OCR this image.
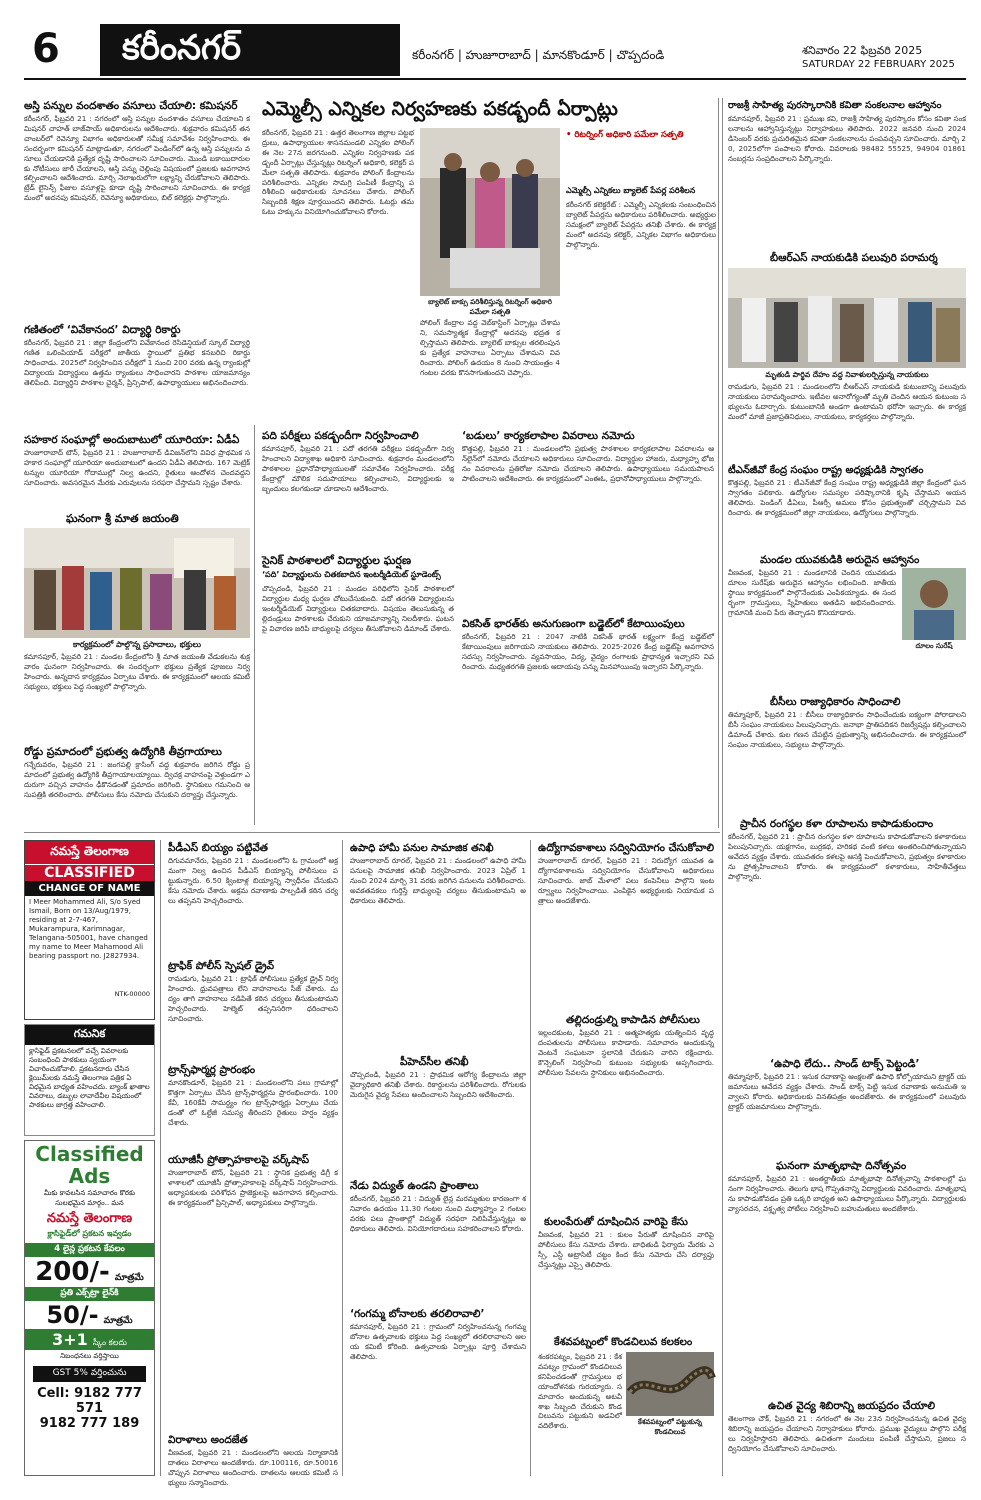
6	కరీంనగర్	కరీంనగర్ | హుజూరాబాద్ | మానకొండూర్ | చొప్పదండి	శనివారం 22 ఫిబ్రవరి 2025
SATURDAY 22 FEBRUARY 2025
అస్తి పన్నుల వందశాతం వసూలు చేయాలి: కమిషనర్
కరీంనగర్, ఫిబ్రవరి 21 : నగరంలో ఆస్తి పన్నుల వందశాతం వసూలు చేయాలని కమిషనర్ చాహత్ బాజ్‌పాయ్ అధికారులను ఆదేశించారు. శుక్రవారం కమిషనర్ తన చాంబర్‌లో రెవెన్యూ విభాగం అధికారులతో సమీక్ష సమావేశం నిర్వహించారు. ఈ సందర్భంగా కమిషనర్ మాట్లాడుతూ, నగరంలో పెండింగ్‌లో ఉన్న ఆస్తి పన్నులను వసూలు చేయడానికి ప్రత్యేక దృష్టి సారించాలని సూచించారు. మొండి బకాయిదారులకు నోటీసులు జారీ చేయాలని, ఆస్తి పన్ను చెల్లింపు విషయంలో ప్రజలకు అవగాహన కల్పించాలని ఆదేశించారు. మార్చి నెలాఖరులోగా లక్ష్యాన్ని చేరుకోవాలని తెలిపారు. ట్రేడ్ లైసెన్స్ ఫీజుల వసూళ్లపై కూడా దృష్టి సారించాలని సూచించారు. ఈ కార్యక్రమంలో అదనపు కమిషనర్, రెవెన్యూ అధికారులు, బిల్ కలెక్టర్లు పాల్గొన్నారు.
గణితంలో ‘వివేకానంద’ విద్యార్థి రికార్డు
కరీంనగర్, ఫిబ్రవరి 21 : జిల్లా కేంద్రంలోని వివేకానంద రెసిడెన్షియల్ స్కూల్ విద్యార్థి గణిత ఒలింపియాడ్ పరీక్షలో జాతీయ స్థాయిలో ప్రతిభ కనబరిచి రికార్డు సాధించాడు. 2025లో నిర్వహించిన పరీక్షలో 1 నుంచి 200 వరకు ఉన్న ర్యాంకుల్లో విద్యాలయ విద్యార్థులు ఉత్తమ ర్యాంకులు సాధించారని పాఠశాల యాజమాన్యం తెలిపింది. విద్యార్థిని పాఠశాల చైర్మన్, ప్రిన్సిపాల్, ఉపాధ్యాయులు అభినందించారు.
సహకార సంఘాల్లో అందుబాటులో యూరియా: ఏడీఏ
హుజూరాబాద్ టౌన్, ఫిబ్రవరి 21 : హుజూరాబాద్ డివిజన్‌లోని వివిధ ప్రాథమిక సహకార సంఘాల్లో యూరియా అందుబాటులో ఉందని ఏడీఏ తెలిపారు. 167 మెట్రిక్ టన్నుల యూరియా గోదాముల్లో నిల్వ ఉందని, రైతులు ఆందోళన చెందవద్దని సూచించారు. అవసరమైన మేరకు ఎరువులను సరఫరా చేస్తామని స్పష్టం చేశారు.
ఘనంగా శ్రీ మాత జయంతి
కార్యక్రమంలో పాల్గొన్న ప్రసాదాలు, భక్తులు
కమానపూర్, ఫిబ్రవరి 21 : మండల కేంద్రంలోని శ్రీ మాత జయంతి వేడుకలను శుక్రవారం ఘనంగా నిర్వహించారు. ఈ సందర్భంగా భక్తులు ప్రత్యేక పూజలు నిర్వహించారు. అన్నదాన కార్యక్రమం ఏర్పాటు చేశారు. ఈ కార్యక్రమంలో ఆలయ కమిటీ సభ్యులు, భక్తులు పెద్ద సంఖ్యలో పాల్గొన్నారు.
రోడ్డు ప్రమాదంలో ప్రభుత్వ ఉద్యోగికి తీవ్రగాయాలు
గన్నేరువరం, ఫిబ్రవరి 21 : జంగపల్లి క్రాసింగ్ వద్ద శుక్రవారం జరిగిన రోడ్డు ప్రమాదంలో ప్రభుత్వ ఉద్యోగికి తీవ్రగాయాలయ్యాయి. ద్విచక్ర వాహనంపై వెళ్తుండగా ఎదురుగా వచ్చిన వాహనం ఢీకొనడంతో ప్రమాదం జరిగింది. స్థానికులు గమనించి ఆసుపత్రికి తరలించారు. పోలీసులు కేసు నమోదు చేసుకుని దర్యాప్తు చేస్తున్నారు.
ఎమ్మెల్సీ ఎన్నికల నిర్వహణకు పకడ్బందీ ఏర్పాట్లు
కరీంనగర్, ఫిబ్రవరి 21 : ఉత్తర తెలంగాణ జిల్లాల పట్టభద్రులు, ఉపాధ్యాయుల శాసనమండలి ఎన్నికల పోలింగ్ ఈ నెల 27న జరగనుంది. ఎన్నికల నిర్వహణకు పకడ్బందీ ఏర్పాట్లు చేస్తున్నట్లు రిటర్నింగ్ అధికారి, కలెక్టర్ పమేలా సత్పతి తెలిపారు. శుక్రవారం పోలింగ్ కేంద్రాలను పరిశీలించారు. ఎన్నికల సామగ్రి పంపిణీ కేంద్రాన్ని పరిశీలించి అధికారులకు సూచనలు చేశారు. పోలింగ్ సిబ్బందికి శిక్షణ పూర్తయిందని తెలిపారు. ఓటర్లు తమ ఓటు హక్కును వినియోగించుకోవాలని కోరారు.
బ్యాలెట్ బాక్సు పరిశీలిస్తున్న రిటర్నింగ్ అధికారి పమేలా సత్పతి
పోలింగ్ కేంద్రాల వద్ద వెబ్‌కాస్టింగ్ ఏర్పాట్లు చేశామని, సమస్యాత్మక కేంద్రాల్లో అదనపు భద్రత కల్పిస్తామని తెలిపారు. బ్యాలెట్ బాక్సుల తరలింపునకు ప్రత్యేక వాహనాలు ఏర్పాటు చేశామని వివరించారు. పోలింగ్ ఉదయం 8 నుంచి సాయంత్రం 4 గంటల వరకు కొనసాగుతుందని చెప్పారు.
• రిటర్నింగ్ అధికారి పమేలా సత్పతి
ఎమ్మెల్సీ ఎన్నికలు బ్యాలెట్ పేపర్ల పరిశీలన
కరీంనగర్ కలెక్టరేట్ : ఎమ్మెల్సీ ఎన్నికలకు సంబంధించిన బ్యాలెట్ పేపర్లను అధికారులు పరిశీలించారు. అభ్యర్థుల సమక్షంలో బ్యాలెట్ పేపర్లను తనిఖీ చేశారు. ఈ కార్యక్రమంలో అదనపు కలెక్టర్, ఎన్నికల విభాగం అధికారులు పాల్గొన్నారు.
పది పరీక్షలు పకడ్బందీగా నిర్వహించాలి
కమానపూర్, ఫిబ్రవరి 21 : పదో తరగతి పరీక్షలు పకడ్బందీగా నిర్వహించాలని విద్యాశాఖ అధికారి సూచించారు. శుక్రవారం మండలంలోని పాఠశాలల ప్రధానోపాధ్యాయులతో సమావేశం నిర్వహించారు. పరీక్ష కేంద్రాల్లో మౌలిక సదుపాయాలు కల్పించాలని, విద్యార్థులకు ఇబ్బందులు కలగకుండా చూడాలని ఆదేశించారు.
సైనిక్ పాఠశాలలో విద్యార్థుల ఘర్షణ
‘పది’ విద్యార్థులను చితకబాదిన ఇంటర్మీడియెట్ స్టూడెంట్స్
చొప్పదండి, ఫిబ్రవరి 21 : మండల పరిధిలోని సైనిక్ పాఠశాలలో విద్యార్థుల మధ్య ఘర్షణ చోటుచేసుకుంది. పదో తరగతి విద్యార్థులను ఇంటర్మీడియెట్ విద్యార్థులు చితకబాదారు. విషయం తెలుసుకున్న తల్లిదండ్రులు పాఠశాలకు చేరుకుని యాజమాన్యాన్ని నిలదీశారు. ఘటనపై విచారణ జరిపి బాధ్యులపై చర్యలు తీసుకోవాలని డిమాండ్ చేశారు.
‘బడులు’ కార్యకలాపాల వివరాలు నమోదు
కొత్తపల్లి, ఫిబ్రవరి 21 : మండలంలోని ప్రభుత్వ పాఠశాలల కార్యకలాపాల వివరాలను ఆన్‌లైన్‌లో నమోదు చేయాలని అధికారులు సూచించారు. విద్యార్థుల హాజరు, మధ్యాహ్న భోజనం వివరాలను ప్రతిరోజు నమోదు చేయాలని తెలిపారు. ఉపాధ్యాయులు సమయపాలన పాటించాలని ఆదేశించారు. ఈ కార్యక్రమంలో ఎంఈఓ, ప్రధానోపాధ్యాయులు పాల్గొన్నారు.
వికసిత్ భారత్‌కు అనుగుణంగా బడ్జెట్‌లో కేటాయింపులు
కరీంనగర్, ఫిబ్రవరి 21 : 2047 నాటికి వికసిత్ భారత్ లక్ష్యంగా కేంద్ర బడ్జెట్‌లో కేటాయింపులు జరిగాయని నాయకులు తెలిపారు. 2025-2026 కేంద్ర బడ్జెట్‌పై అవగాహన సదస్సు నిర్వహించారు. వ్యవసాయం, విద్య, వైద్యం రంగాలకు ప్రాధాన్యత ఇచ్చారని వివరించారు. మధ్యతరగతి ప్రజలకు ఆదాయపు పన్ను మినహాయింపు ఇచ్చారని పేర్కొన్నారు.
రాజశ్రీ సాహిత్య పురస్కారానికి కవితా సంకలనాల ఆహ్వానం
కమానపూర్, ఫిబ్రవరి 21 : ప్రముఖ కవి, రాజశ్రీ సాహిత్య పురస్కారం కోసం కవితా సంకలనాలను ఆహ్వానిస్తున్నట్లు నిర్వాహకులు తెలిపారు. 2022 జనవరి నుంచి 2024 డిసెంబర్ వరకు ప్రచురితమైన కవితా సంకలనాలను పంపవచ్చని సూచించారు. మార్చి 20, 2025లోగా పంపాలని కోరారు. వివరాలకు 98482 55525, 94904 01861 నంబర్లను సంప్రదించాలని పేర్కొన్నారు.
బీఆర్ఎస్ నాయకుడికి పలువురి పరామర్శ
మృతుడి పార్థివ దేహం వద్ద నివాళులర్పిస్తున్న నాయకులు
రామడుగు, ఫిబ్రవరి 21 : మండలంలోని బీఆర్ఎస్ నాయకుడి కుటుంబాన్ని పలువురు నాయకులు పరామర్శించారు. ఇటీవల అనారోగ్యంతో మృతి చెందిన ఆయన కుటుంబ సభ్యులను ఓదార్చారు. కుటుంబానికి అండగా ఉంటామని భరోసా ఇచ్చారు. ఈ కార్యక్రమంలో మాజీ ప్రజాప్రతినిధులు, నాయకులు, కార్యకర్తలు పాల్గొన్నారు.
టీఎన్‌జీవో కేంద్ర సంఘం రాష్ట్ర అధ్యక్షుడికి స్వాగతం
కొత్తపల్లి, ఫిబ్రవరి 21 : టీఎన్‌జీవో కేంద్ర సంఘం రాష్ట్ర అధ్యక్షుడికి జిల్లా కేంద్రంలో ఘన స్వాగతం పలికారు. ఉద్యోగుల సమస్యల పరిష్కారానికి కృషి చేస్తామని ఆయన తెలిపారు. పెండింగ్ డీఏలు, పీఆర్సీ అమలు కోసం ప్రభుత్వంతో చర్చిస్తామని వివరించారు. ఈ కార్యక్రమంలో జిల్లా నాయకులు, ఉద్యోగులు పాల్గొన్నారు.
మండల యువకుడికి అరుదైన ఆహ్వానం
వీణవంక, ఫిబ్రవరి 21 : మండలానికి చెందిన యువకుడు దూలం సురేష్‌కు అరుదైన ఆహ్వానం లభించింది. జాతీయ స్థాయి కార్యక్రమంలో పాల్గొనేందుకు ఎంపికయ్యాడు. ఈ సందర్భంగా గ్రామస్తులు, స్నేహితులు అతడిని అభినందించారు. గ్రామానికి మంచి పేరు తెచ్చాడని కొనియాడారు.
దూలం సురేష్
బీసీలు రాజ్యాధికారం సాధించాలి
తిమ్మాపూర్, ఫిబ్రవరి 21 : బీసీలు రాజ్యాధికారం సాధించేందుకు ఐక్యంగా పోరాడాలని బీసీ సంఘం నాయకులు పిలుపునిచ్చారు. జనాభా ప్రాతిపదికన రిజర్వేషన్లు కల్పించాలని డిమాండ్ చేశారు. కుల గణన చేపట్టిన ప్రభుత్వాన్ని అభినందించారు. ఈ కార్యక్రమంలో సంఘం నాయకులు, సభ్యులు పాల్గొన్నారు.
ప్రాచీన రంగస్థల కళా రూపాలను కాపాడుకుందాం
కరీంనగర్, ఫిబ్రవరి 21 : ప్రాచీన రంగస్థల కళా రూపాలను కాపాడుకోవాలని కళాకారులు పిలుపునిచ్చారు. యక్షగానం, బుర్రకథ, హరికథ వంటి కళలు అంతరించిపోతున్నాయని ఆవేదన వ్యక్తం చేశారు. యువతరం కళలపై ఆసక్తి పెంచుకోవాలని, ప్రభుత్వం కళాకారులను ప్రోత్సహించాలని కోరారు. ఈ కార్యక్రమంలో కళాకారులు, సాహితీవేత్తలు పాల్గొన్నారు.
‘ఉపాధి లేదు.. సాండ్ టాక్స్ పెట్టండి’
తిమ్మాపూర్, ఫిబ్రవరి 21 : ఇసుక రవాణాపై ఆంక్షలతో ఉపాధి కోల్పోయామని ట్రాక్టర్ యజమానులు ఆవేదన వ్యక్తం చేశారు. సాండ్ టాక్స్ పెట్టి ఇసుక రవాణాకు అనుమతి ఇవ్వాలని కోరారు. అధికారులకు వినతిపత్రం అందజేశారు. ఈ కార్యక్రమంలో పలువురు ట్రాక్టర్ యజమానులు పాల్గొన్నారు.
ఘనంగా మాతృభాషా దినోత్సవం
కమానపూర్, ఫిబ్రవరి 21 : అంతర్జాతీయ మాతృభాషా దినోత్సవాన్ని పాఠశాలల్లో ఘనంగా నిర్వహించారు. తెలుగు భాష గొప్పతనాన్ని విద్యార్థులకు వివరించారు. మాతృభాషను కాపాడుకోవడం ప్రతి ఒక్కరి బాధ్యత అని ఉపాధ్యాయులు పేర్కొన్నారు. విద్యార్థులకు వ్యాసరచన, వక్తృత్వ పోటీలు నిర్వహించి బహుమతులు అందజేశారు.
ఉచిత వైద్య శిబిరాన్ని జయప్రదం చేయాలి
తెలంగాణ చౌక్, ఫిబ్రవరి 21 : నగరంలో ఈ నెల 23న నిర్వహించనున్న ఉచిత వైద్య శిబిరాన్ని జయప్రదం చేయాలని నిర్వాహకులు కోరారు. ప్రముఖ వైద్యులు పాల్గొని పరీక్షలు నిర్వహిస్తారని తెలిపారు. ఉచితంగా మందులు పంపిణీ చేస్తామని, ప్రజలు సద్వినియోగం చేసుకోవాలని సూచించారు.
నమస్తే తెలంగాణ
CLASSIFIED
CHANGE OF NAME
I Meer Mohammed Ali, S/o Syed Ismail, Born on 13/Aug/1979, residing at 2-7-467, Mukarampura, Karimnagar, Telangana-505001, have changed my name to Meer Mahamood Ali bearing passport no. J2827934.
NTK-00000
గమనిక
క్లాసిఫైడ్ ప్రకటనలలో వచ్చే వివరాలకు సంబంధించి పాఠకులు స్వయంగా విచారించుకోవాలి. ప్రకటనదారు చేసిన క్లెయిమ్‌లకు నమస్తే తెలంగాణ పత్రిక ఏ విధమైన బాధ్యత వహించదు. బ్యాంక్ ఖాతాల వివరాలు, డబ్బుల లావాదేవీల విషయంలో పాఠకులు జాగ్రత్త వహించాలి.
Classified Ads
మీకు కావలసిన సమాచారం కొరకు సులభమైన మార్గం.. మన
నమస్తే తెలంగాణ
క్లాసిఫైడ్‌లో ప్రకటన ఇవ్వడం
4 లైన్ల ప్రకటన కేవలం
200/- మాత్రమే
ప్రతి ఎక్స్‌ట్రా లైన్‌కి
50/- మాత్రమే
3+1 స్కీం కలదు
నిబంధనలు వర్తిస్తాయి
GST 5% వర్తించును
Cell: 9182 777 571
9182 777 189
పీడీఎస్ బియ్యం పట్టివేత
దిగువమానేరు, ఫిబ్రవరి 21 : మండలంలోని ఓ గ్రామంలో అక్రమంగా నిల్వ ఉంచిన పీడీఎస్ బియ్యాన్ని పోలీసులు పట్టుకున్నారు. 6.50 క్వింటాళ్ల బియ్యాన్ని స్వాధీనం చేసుకుని కేసు నమోదు చేశారు. అక్రమ రవాణాకు పాల్పడితే కఠిన చర్యలు తప్పవని హెచ్చరించారు.
ట్రాఫిక్ పోలీస్ స్పెషల్ డ్రైవ్
రామడుగు, ఫిబ్రవరి 21 : ట్రాఫిక్ పోలీసులు ప్రత్యేక డ్రైవ్ నిర్వహించారు. ధ్రువపత్రాలు లేని వాహనాలను సీజ్ చేశారు. మద్యం తాగి వాహనాలు నడిపితే కఠిన చర్యలు తీసుకుంటామని హెచ్చరించారు. హెల్మెట్ తప్పనిసరిగా ధరించాలని సూచించారు.
ట్రాన్స్‌ఫార్మర్ల ప్రారంభం
మానకొండూర్, ఫిబ్రవరి 21 : మండలంలోని పలు గ్రామాల్లో కొత్తగా ఏర్పాటు చేసిన ట్రాన్స్‌ఫార్మర్లను ప్రారంభించారు. 100కేవీ, 160కేవీ సామర్థ్యం గల ట్రాన్స్‌ఫార్మర్లు ఏర్పాటు చేయడంతో లో ఓల్టేజీ సమస్య తీరిందని రైతులు హర్షం వ్యక్తం చేశారు.
యూజీసీ ప్రోత్సాహకాలపై వర్క్‌షాప్
హుజూరాబాద్ టౌన్, ఫిబ్రవరి 21 : స్థానిక ప్రభుత్వ డిగ్రీ కళాశాలలో యూజీసీ ప్రోత్సాహకాలపై వర్క్‌షాప్ నిర్వహించారు. అధ్యాపకులకు పరిశోధన ప్రాజెక్టులపై అవగాహన కల్పించారు. ఈ కార్యక్రమంలో ప్రిన్సిపాల్, అధ్యాపకులు పాల్గొన్నారు.
విరాళాలు అందజేత
వీణవంక, ఫిబ్రవరి 21 : మండలంలోని ఆలయ నిర్మాణానికి దాతలు విరాళాలు అందజేశారు. రూ.100116, రూ.50016 చొప్పున విరాళాలు అందించారు. దాతలను ఆలయ కమిటీ సభ్యులు సన్మానించారు.
ఉపాధి హామీ పనుల సామాజిక తనిఖీ
హుజూరాబాద్ రూరల్, ఫిబ్రవరి 21 : మండలంలో ఉపాధి హామీ పనులపై సామాజిక తనిఖీ నిర్వహించారు. 2023 ఏప్రిల్ 1 నుంచి 2024 మార్చి 31 వరకు జరిగిన పనులను పరిశీలించారు. అవకతవకలు గుర్తిస్తే బాధ్యులపై చర్యలు తీసుకుంటామని అధికారులు తెలిపారు.
పీహెచ్‌సీల తనిఖీ
చొప్పదండి, ఫిబ్రవరి 21 : ప్రాథమిక ఆరోగ్య కేంద్రాలను జిల్లా వైద్యాధికారి తనిఖీ చేశారు. రికార్డులను పరిశీలించారు. రోగులకు మెరుగైన వైద్య సేవలు అందించాలని సిబ్బందిని ఆదేశించారు.
నేడు విద్యుత్ ఉండని ప్రాంతాలు
కరీంనగర్, ఫిబ్రవరి 21 : విద్యుత్ లైన్ల మరమ్మతుల కారణంగా శనివారం ఉదయం 11.30 గంటల నుంచి మధ్యాహ్నం 2 గంటల వరకు పలు ప్రాంతాల్లో విద్యుత్ సరఫరా నిలిపివేస్తున్నట్లు అధికారులు తెలిపారు. వినియోగదారులు సహకరించాలని కోరారు.
‘గంగమ్మ బోనాలకు తరలిరావాలి’
కమానపూర్, ఫిబ్రవరి 21 : గ్రామంలో నిర్వహించనున్న గంగమ్మ బోనాల ఉత్సవాలకు భక్తులు పెద్ద సంఖ్యలో తరలిరావాలని ఆలయ కమిటీ కోరింది. ఉత్సవాలకు ఏర్పాట్లు పూర్తి చేశామని తెలిపారు.
ఉద్యోగావకాశాలు సద్వినియోగం చేసుకోవాలి
హుజూరాబాద్ రూరల్, ఫిబ్రవరి 21 : నిరుద్యోగ యువత ఉద్యోగావకాశాలను సద్వినియోగం చేసుకోవాలని అధికారులు సూచించారు. జాబ్ మేళాలో పలు కంపెనీలు పాల్గొని ఇంటర్వ్యూలు నిర్వహించాయి. ఎంపికైన అభ్యర్థులకు నియామక పత్రాలు అందజేశారు.
తల్లిదండ్రుల్ని కాపాడిన పోలీసులు
ఇల్లందకుంట, ఫిబ్రవరి 21 : ఆత్మహత్యకు యత్నించిన వృద్ధ దంపతులను పోలీసులు కాపాడారు. సమాచారం అందుకున్న వెంటనే సంఘటనా స్థలానికి చేరుకుని వారిని రక్షించారు. కౌన్సెలింగ్ నిర్వహించి కుటుంబ సభ్యులకు అప్పగించారు. పోలీసుల సేవలను స్థానికులు అభినందించారు.
కులంపేరుతో దూషించిన వారిపై కేసు
వీణవంక, ఫిబ్రవరి 21 : కులం పేరుతో దూషించిన వారిపై పోలీసులు కేసు నమోదు చేశారు. బాధితుడి ఫిర్యాదు మేరకు ఎస్సీ, ఎస్టీ అట్రాసిటీ చట్టం కింద కేసు నమోదు చేసి దర్యాప్తు చేస్తున్నట్లు ఎస్సై తెలిపారు.
కేశవపట్నంలో కొండచిలువ కలకలం
శంకరపట్నం, ఫిబ్రవరి 21 : కేశవపట్నం గ్రామంలో కొండచిలువ కనిపించడంతో గ్రామస్తులు భయాందోళనకు గురయ్యారు. సమాచారం అందుకున్న అటవీ శాఖ సిబ్బంది చేరుకుని కొండచిలువను పట్టుకుని అడవిలో వదిలేశారు.	కేశవపట్నంలో పట్టుకున్న కొండచిలువ
